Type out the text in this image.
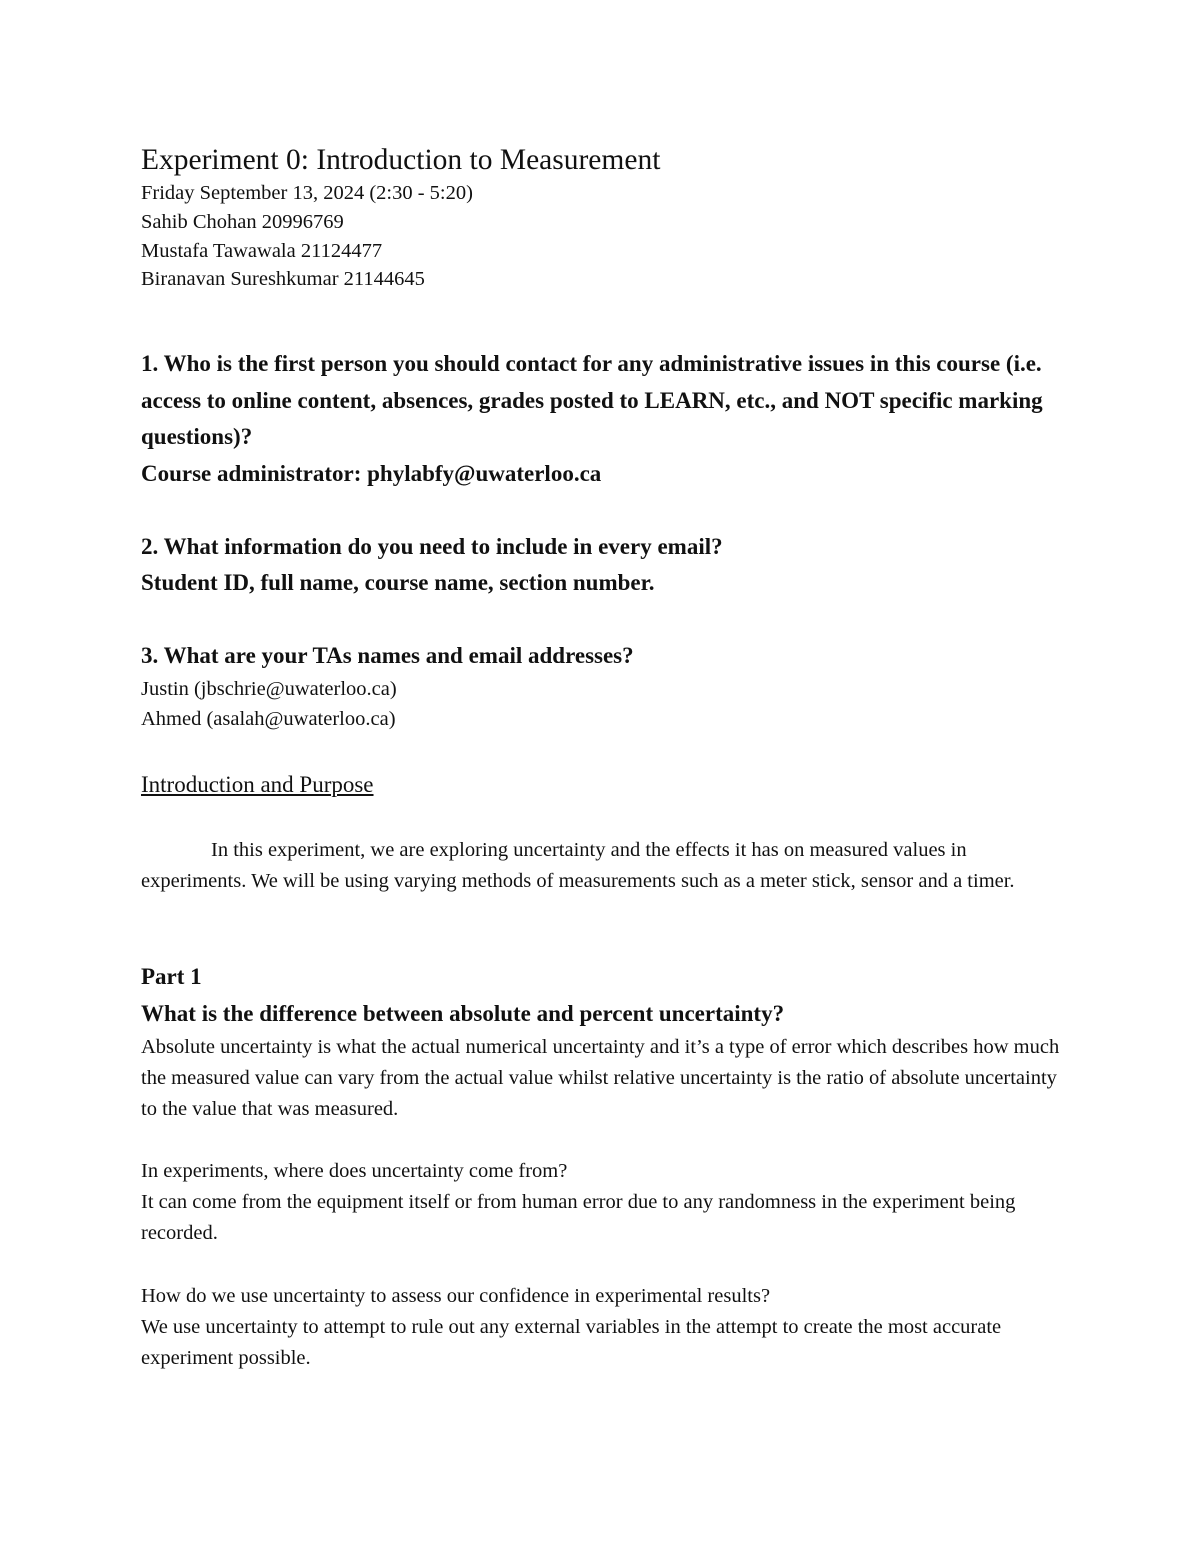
Experiment 0: Introduction to Measurement
Friday September 13, 2024 (2:30 - 5:20)
Sahib Chohan 20996769
Mustafa Tawawala 21124477
Biranavan Sureshkumar 21144645

1. Who is the first person you should contact for any administrative issues in this course (i.e. access to online content, absences, grades posted to LEARN, etc., and NOT specific marking questions)?

Course administrator: phylabfy@uwaterloo.ca

2. What information do you need to include in every email?

Student ID, full name, course name, section number.

3. What are your TAs names and email addresses?

Justin (jbschrie@uwaterloo.ca)
Ahmed (asalah@uwaterloo.ca)
Introduction and Purpose

In this experiment, we are exploring uncertainty and the effects it has on measured values in experiments. We will be using varying methods of measurements such as a meter stick, sensor and a timer.

Part 1
What is the difference between absolute and percent uncertainty?

Absolute uncertainty is what the actual numerical uncertainty and it’s a type of error which describes how much the measured value can vary from the actual value whilst relative uncertainty is the ratio of absolute uncertainty to the value that was measured.

In experiments, where does uncertainty come from?

It can come from the equipment itself or from human error due to any randomness in the experiment being recorded.

How do we use uncertainty to assess our confidence in experimental results?

We use uncertainty to attempt to rule out any external variables in the attempt to create the most accurate experiment possible.
